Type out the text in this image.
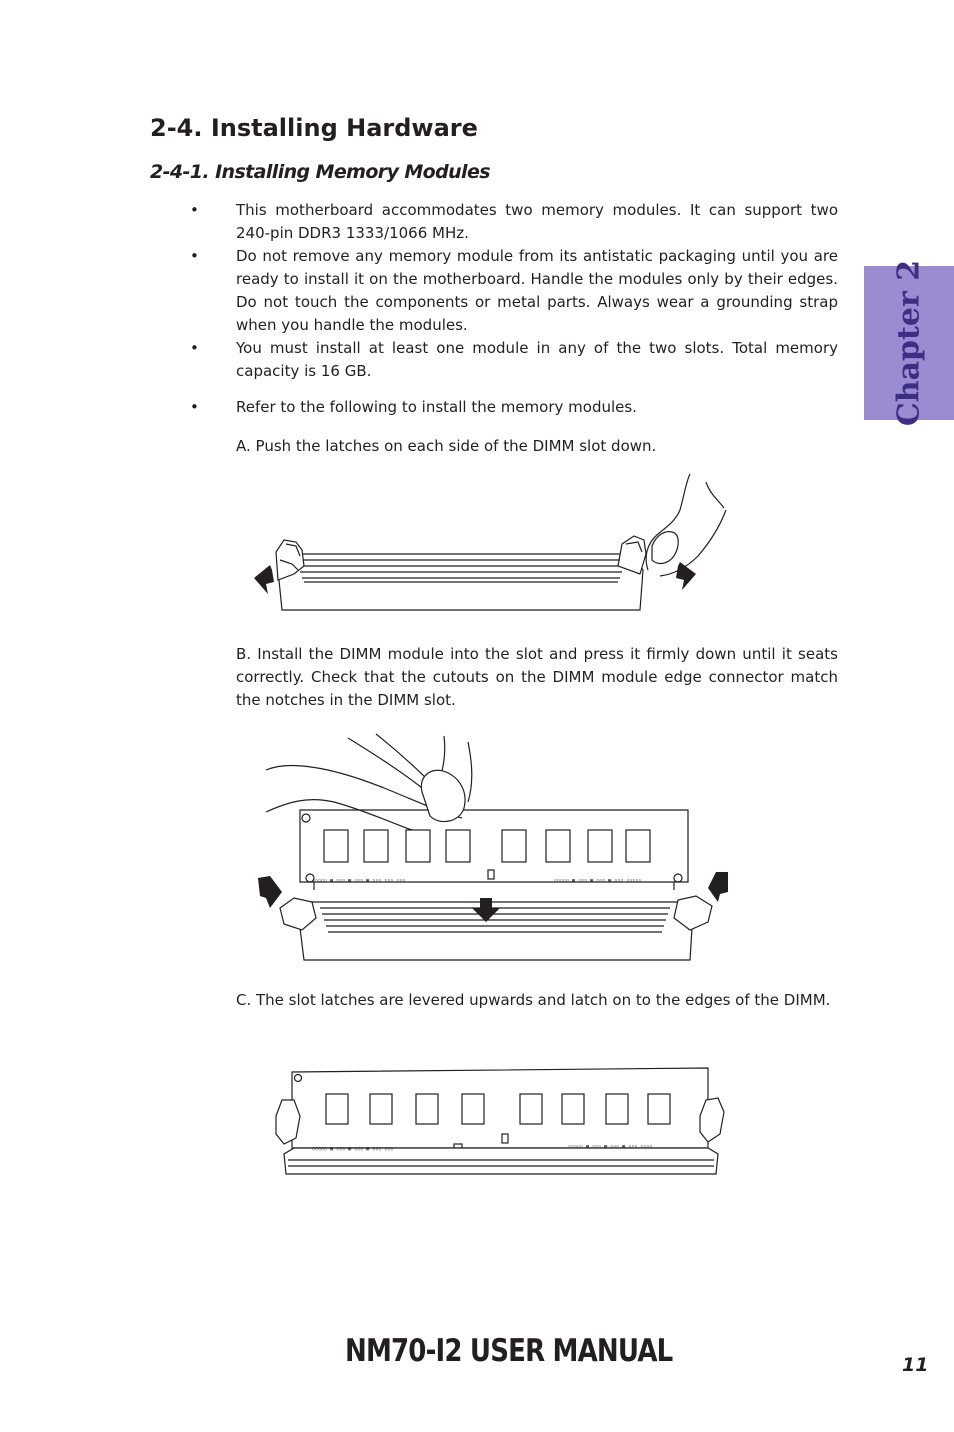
2-4. Installing Hardware
2-4-1. Installing Memory Modules
Chapter 2
• This motherboard accommodates two memory modules. It can support two 240-pin DDR3 1333/1066 MHz.

• Do not remove any memory module from its antistatic packaging until you are ready to install it on the motherboard. Handle the modules only by their edges. Do not touch the components or metal parts. Always wear a grounding strap when you handle the modules.

• You must install at least one module in any of the two slots. Total memory capacity is 16 GB.

• Refer to the following to install the memory modules.

A. Push the latches on each side of the DIMM slot down.

B. Install the DIMM module into the slot and press it firmly down until it seats correctly. Check that the cutouts on the DIMM module edge connector match the notches in the DIMM slot.

▯▯▯▯▯ ▦ ▯▯▯ ▦ ▯▯▯ ▦ ▯▯▯ ▯▯▯ ▯▯▯	▯▯▯▯▯ ▦ ▯▯▯ ▦ ▯▯▯ ▦ ▯▯▯ ▯▯▯▯▯

C. The slot latches are levered upwards and latch on to the edges of the DIMM.

▯▯▯▯▯ ▦ ▯▯▯ ▦ ▯▯▯ ▦ ▯▯▯ ▯▯▯	▯▯▯▯▯ ▦ ▯▯▯ ▦ ▯▯▯ ▦ ▯▯▯ ▯▯▯▯
NM70-I2 USER MANUAL	11
